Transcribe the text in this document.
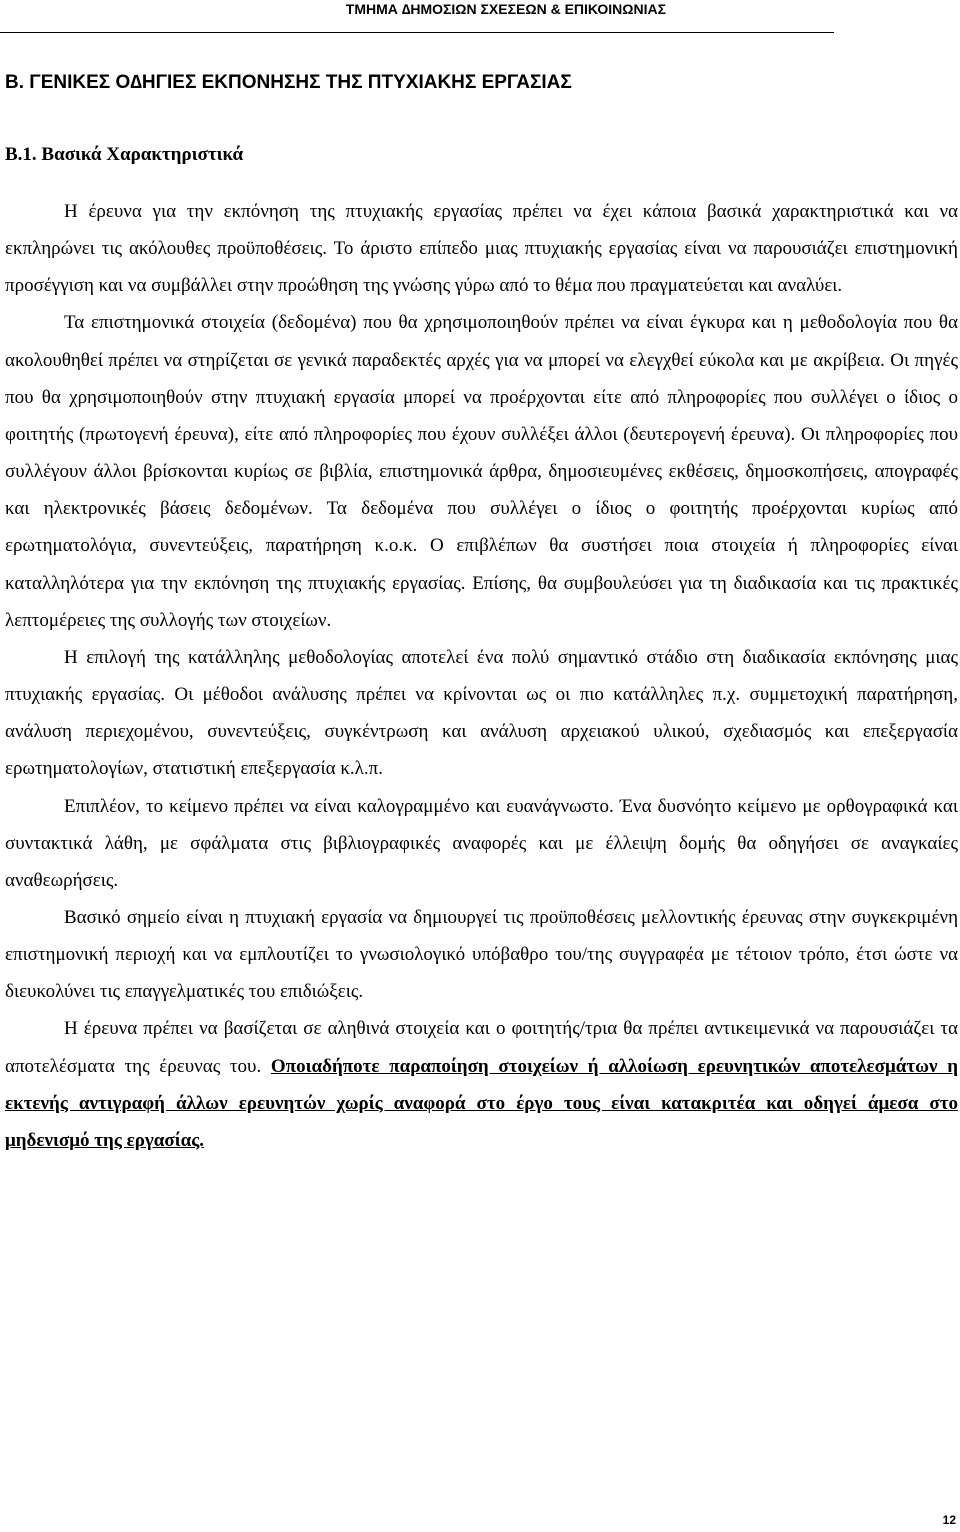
ΤΜΗΜΑ ∆ΗΜΟΣΙΩΝ ΣΧΕΣΕΩΝ & ΕΠΙΚΟΙΝΩΝΙΑΣ
Β. ΓΕΝΙΚΕΣ Ο∆ΗΓΙΕΣ ΕΚΠΟΝΗΣΗΣ ΤΗΣ ΠΤΥΧΙΑΚΗΣ ΕΡΓΑΣΙΑΣ
Β.1. Βασικά Χαρακτηριστικά

Η έρευνα για την εκπόνηση της πτυχιακής εργασίας πρέπει να έχει κάποια βασικά χαρακτηριστικά και να εκπληρώνει τις ακόλουθες προϋποθέσεις. Το άριστο επίπεδο μιας πτυχιακής εργασίας είναι να παρουσιάζει επιστημονική προσέγγιση και να συμβάλλει στην προώθηση της γνώσης γύρω από το θέμα που πραγματεύεται και αναλύει.

Τα επιστημονικά στοιχεία (δεδομένα) που θα χρησιμοποιηθούν πρέπει να είναι έγκυρα και η μεθοδολογία που θα ακολουθηθεί πρέπει να στηρίζεται σε γενικά παραδεκτές αρχές για να μπορεί να ελεγχθεί εύκολα και με ακρίβεια. Οι πηγές που θα χρησιμοποιηθούν στην πτυχιακή εργασία μπορεί να προέρχονται είτε από πληροφορίες που συλλέγει ο ίδιος ο φοιτητής (πρωτογενή έρευνα), είτε από πληροφορίες που έχουν συλλέξει άλλοι (δευτερογενή έρευνα). Οι πληροφορίες που συλλέγουν άλλοι βρίσκονται κυρίως σε βιβλία, επιστημονικά άρθρα, δημοσιευμένες εκθέσεις, δημοσκοπήσεις, απογραφές και ηλεκτρονικές βάσεις δεδομένων. Τα δεδομένα που συλλέγει ο ίδιος ο φοιτητής προέρχονται κυρίως από ερωτηματολόγια, συνεντεύξεις, παρατήρηση κ.ο.κ. Ο επιβλέπων θα συστήσει ποια στοιχεία ή πληροφορίες είναι καταλληλότερα για την εκπόνηση της πτυχιακής εργασίας. Επίσης, θα συμβουλεύσει για τη διαδικασία και τις πρακτικές λεπτομέρειες της συλλογής των στοιχείων.

Η επιλογή της κατάλληλης μεθοδολογίας αποτελεί ένα πολύ σημαντικό στάδιο στη διαδικασία εκπόνησης μιας πτυχιακής εργασίας. Οι μέθοδοι ανάλυσης πρέπει να κρίνονται ως οι πιο κατάλληλες π.χ. συμμετοχική παρατήρηση, ανάλυση περιεχομένου, συνεντεύξεις, συγκέντρωση και ανάλυση αρχειακού υλικού, σχεδιασμός και επεξεργασία ερωτηματολογίων, στατιστική επεξεργασία κ.λ.π.

Επιπλέον, το κείμενο πρέπει να είναι καλογραμμένο και ευανάγνωστο. Ένα δυσνόητο κείμενο με ορθογραφικά και συντακτικά λάθη, με σφάλματα στις βιβλιογραφικές αναφορές και με έλλειψη δομής θα οδηγήσει σε αναγκαίες αναθεωρήσεις.

Βασικό σημείο είναι η πτυχιακή εργασία να δημιουργεί τις προϋποθέσεις μελλοντικής έρευνας στην συγκεκριμένη επιστημονική περιοχή και να εμπλουτίζει το γνωσιολογικό υπόβαθρο του/της συγγραφέα με τέτοιον τρόπο, έτσι ώστε να διευκολύνει τις επαγγελματικές του επιδιώξεις.

Η έρευνα πρέπει να βασίζεται σε αληθινά στοιχεία και ο φοιτητής/τρια θα πρέπει αντικειμενικά να παρουσιάζει τα αποτελέσματα της έρευνας του. Οποιαδήποτε παραποίηση στοιχείων ή αλλοίωση ερευνητικών αποτελεσμάτων η εκτενής αντιγραφή άλλων ερευνητών χωρίς αναφορά στο έργο τους είναι κατακριτέα και οδηγεί άμεσα στο μηδενισμό της εργασίας.

12
